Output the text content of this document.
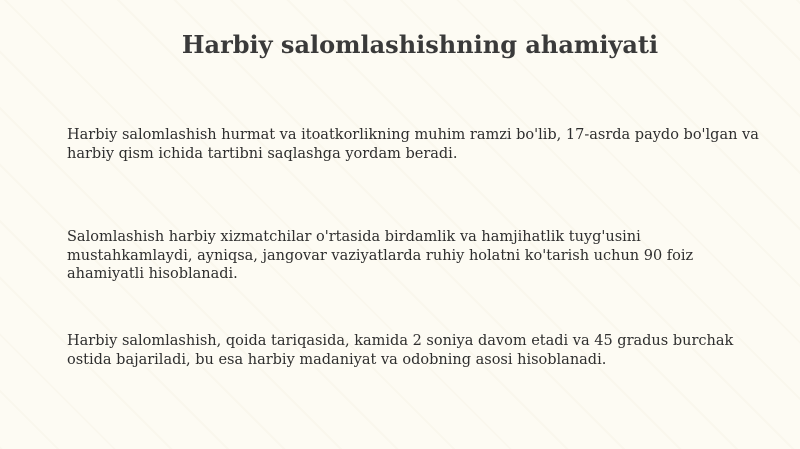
Harbiy salomlashishning ahamiyati

Harbiy salomlashish hurmat va itoatkorlikning muhim ramzi bo'lib, 17-asrda paydo bo'lgan va harbiy qism ichida tartibni saqlashga yordam beradi.

Salomlashish harbiy xizmatchilar o'rtasida birdamlik va hamjihatlik tuyg'usini mustahkamlaydi, ayniqsa, jangovar vaziyatlarda ruhiy holatni ko'tarish uchun 90 foiz ahamiyatli hisoblanadi.

Harbiy salomlashish, qoida tariqasida, kamida 2 soniya davom etadi va 45 gradus burchak ostida bajariladi, bu esa harbiy madaniyat va odobning asosi hisoblanadi.
